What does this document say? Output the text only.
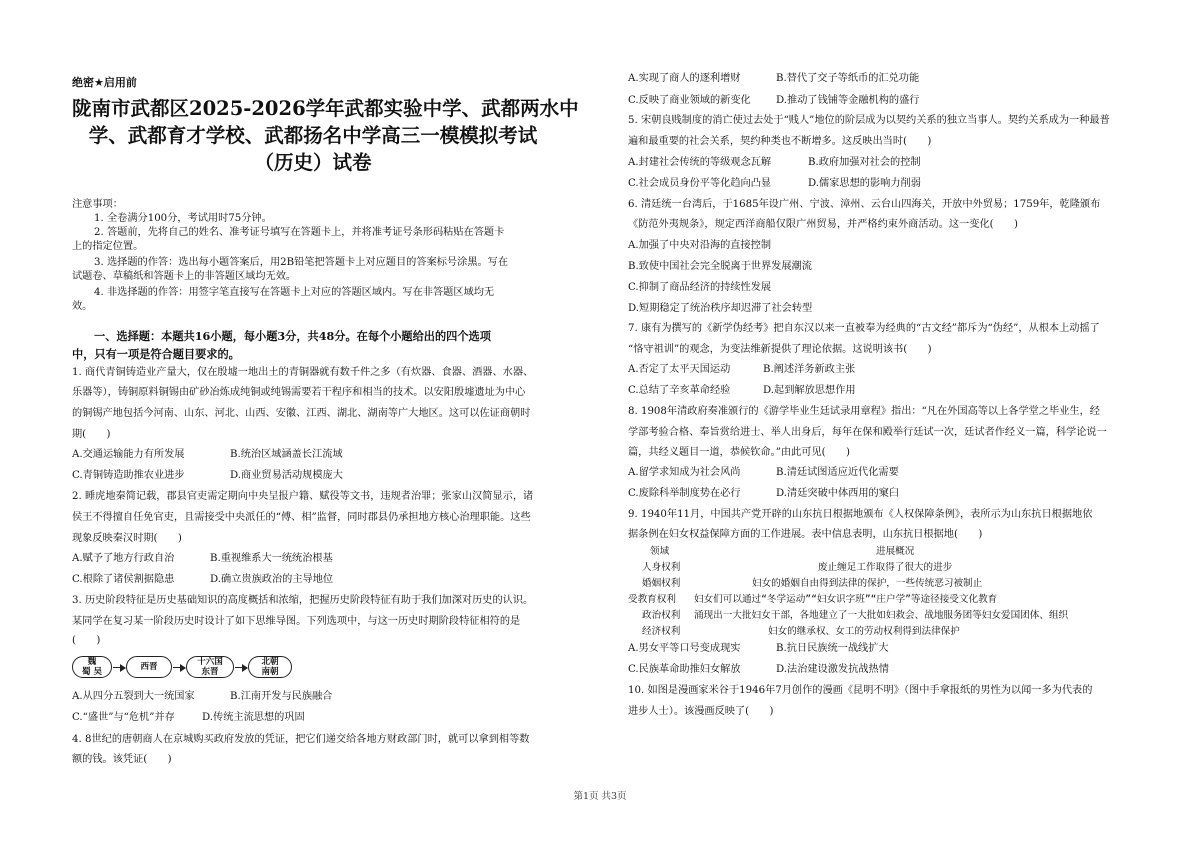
绝密★启用前
陇南市武都区2025-2026学年武都实验中学、武都两水中
学、武都育才学校、武都扬名中学高三一模模拟考试
（历史）试卷
注意事项：
1. 全卷满分100分，考试用时75分钟。
2. 答题前，先将自己的姓名、准考证号填写在答题卡上，并将准考证号条形码粘贴在答题卡
上的指定位置。
3. 选择题的作答：选出每小题答案后，用2B铅笔把答题卡上对应题目的答案标号涂黑。写在
试题卷、草稿纸和答题卡上的非答题区域均无效。
4. 非选择题的作答：用签字笔直接写在答题卡上对应的答题区域内。写在非答题区域均无
效。
一、选择题：本题共16小题，每小题3分，共48分。在每个小题给出的四个选项
中，只有一项是符合题目要求的。
1. 商代青铜铸造业产量大，仅在殷墟一地出土的青铜器就有数千件之多（有炊器、食器、酒器、水器、
乐器等），铸铜原料铜锡由矿砂冶炼成纯铜或纯锡需要若干程序和相当的技术。以安阳殷墟遗址为中心
的铜锡产地包括今河南、山东、河北、山西、安徽、江西、湖北、湖南等广大地区。这可以佐证商朝时
期(　　)
A.交通运输能力有所发展	B.统治区域涵盖长江流域
C.青铜铸造助推农业进步	D.商业贸易活动规模庞大
2. 睡虎地秦简记载，郡县官吏需定期向中央呈报户籍、赋役等文书，违规者治罪；张家山汉简显示，诸
侯王不得擅自任免官吏，且需接受中央派任的“傅、相”监督，同时郡县仍承担地方核心治理职能。这些
现象反映秦汉时期(　　)
A.赋予了地方行政自治	B.重视维系大一统统治根基
C.根除了诸侯割据隐患	D.确立贵族政治的主导地位
3. 历史阶段特征是历史基础知识的高度概括和浓缩，把握历史阶段特征有助于我们加深对历史的认识。
某同学在复习某一阶段历史时设计了如下思维导图。下列选项中，与这一历史时期阶段特征相符的是
(　　)
魏
蜀 吴	西晋	十六国
东晋
北朝
南朝
A.从四分五裂到大一统国家	B.江南开发与民族融合
C.“盛世”与“危机”并存	D.传统主流思想的巩固
4. 8世纪的唐朝商人在京城购买政府发放的凭证，把它们递交给各地方财政部门时，就可以拿到相等数
额的钱。该凭证(　　)
A.实现了商人的逐利增财	B.替代了交子等纸币的汇兑功能
C.反映了商业领域的新变化 D.推动了钱铺等金融机构的盛行
5. 宋朝良贱制度的消亡使过去处于“贱人”地位的阶层成为以契约关系的独立当事人。契约关系成为一种最普
遍和最重要的社会关系，契约种类也不断增多。这反映出当时(　　)
A.封建社会传统的等级观念瓦解	B.政府加强对社会的控制
C.社会成员身份平等化趋向凸显	D.儒家思想的影响力削弱
6. 清廷统一台湾后，于1685年设广州、宁波、漳州、云台山四海关，开放中外贸易；1759年，乾隆颁布
《防范外夷规条》，规定西洋商船仅限广州贸易，并严格约束外商活动。这一变化(　　)
A.加强了中央对沿海的直接控制
B.致使中国社会完全脱离于世界发展潮流
C.抑制了商品经济的持续性发展
D.短期稳定了统治秩序却迟滞了社会转型
7. 康有为撰写的《新学伪经考》把自东汉以来一直被奉为经典的“古文经”都斥为“伪经”，从根本上动摇了
“恪守祖训”的观念，为变法维新提供了理论依据。这说明该书(　　)
A.否定了太平天国运动	B.阐述洋务新政主张
C.总结了辛亥革命经验	D.起到解放思想作用
8. 1908年清政府奏准颁行的《游学毕业生廷试录用章程》指出：“凡在外国高等以上各学堂之毕业生，经
学部考验合格、奉旨赏给进士、举人出身后，每年在保和殿举行廷试一次，廷试者作经义一篇，科学论说一
篇，共经义题目一道，恭候钦命。”由此可见(　　)
A.留学求知成为社会风尚	B.清廷试图适应近代化需要
C.废除科举制度势在必行	D.清廷突破中体西用的窠臼
9. 1940年11月，中国共产党开辟的山东抗日根据地颁布《人权保障条例》，表所示为山东抗日根据地依
据条例在妇女权益保障方面的工作进展。表中信息表明，山东抗日根据地(　　)
领域	进展概况
人身权利	废止缠足工作取得了很大的进步
婚姻权利	妇女的婚姻自由得到法律的保护，一些传统恶习被制止
受教育权利 妇女们可以通过“冬学运动”“妇女识字班”“庄户学”等途径接受文化教育
政治权利 涌现出一大批妇女干部，各地建立了一大批如妇救会、战地服务团等妇女爱国团体、组织
经济权利	妇女的继承权、女工的劳动权利得到法律保护
A.男女平等口号变成现实	B.抗日民族统一战线扩大
C.民族革命助推妇女解放	D.法治建设激发抗战热情
10. 如图是漫画家米谷于1946年7月创作的漫画《昆明不明》（图中手拿报纸的男性为以闻一多为代表的
进步人士）。该漫画反映了(　　)
第1页 共3页
